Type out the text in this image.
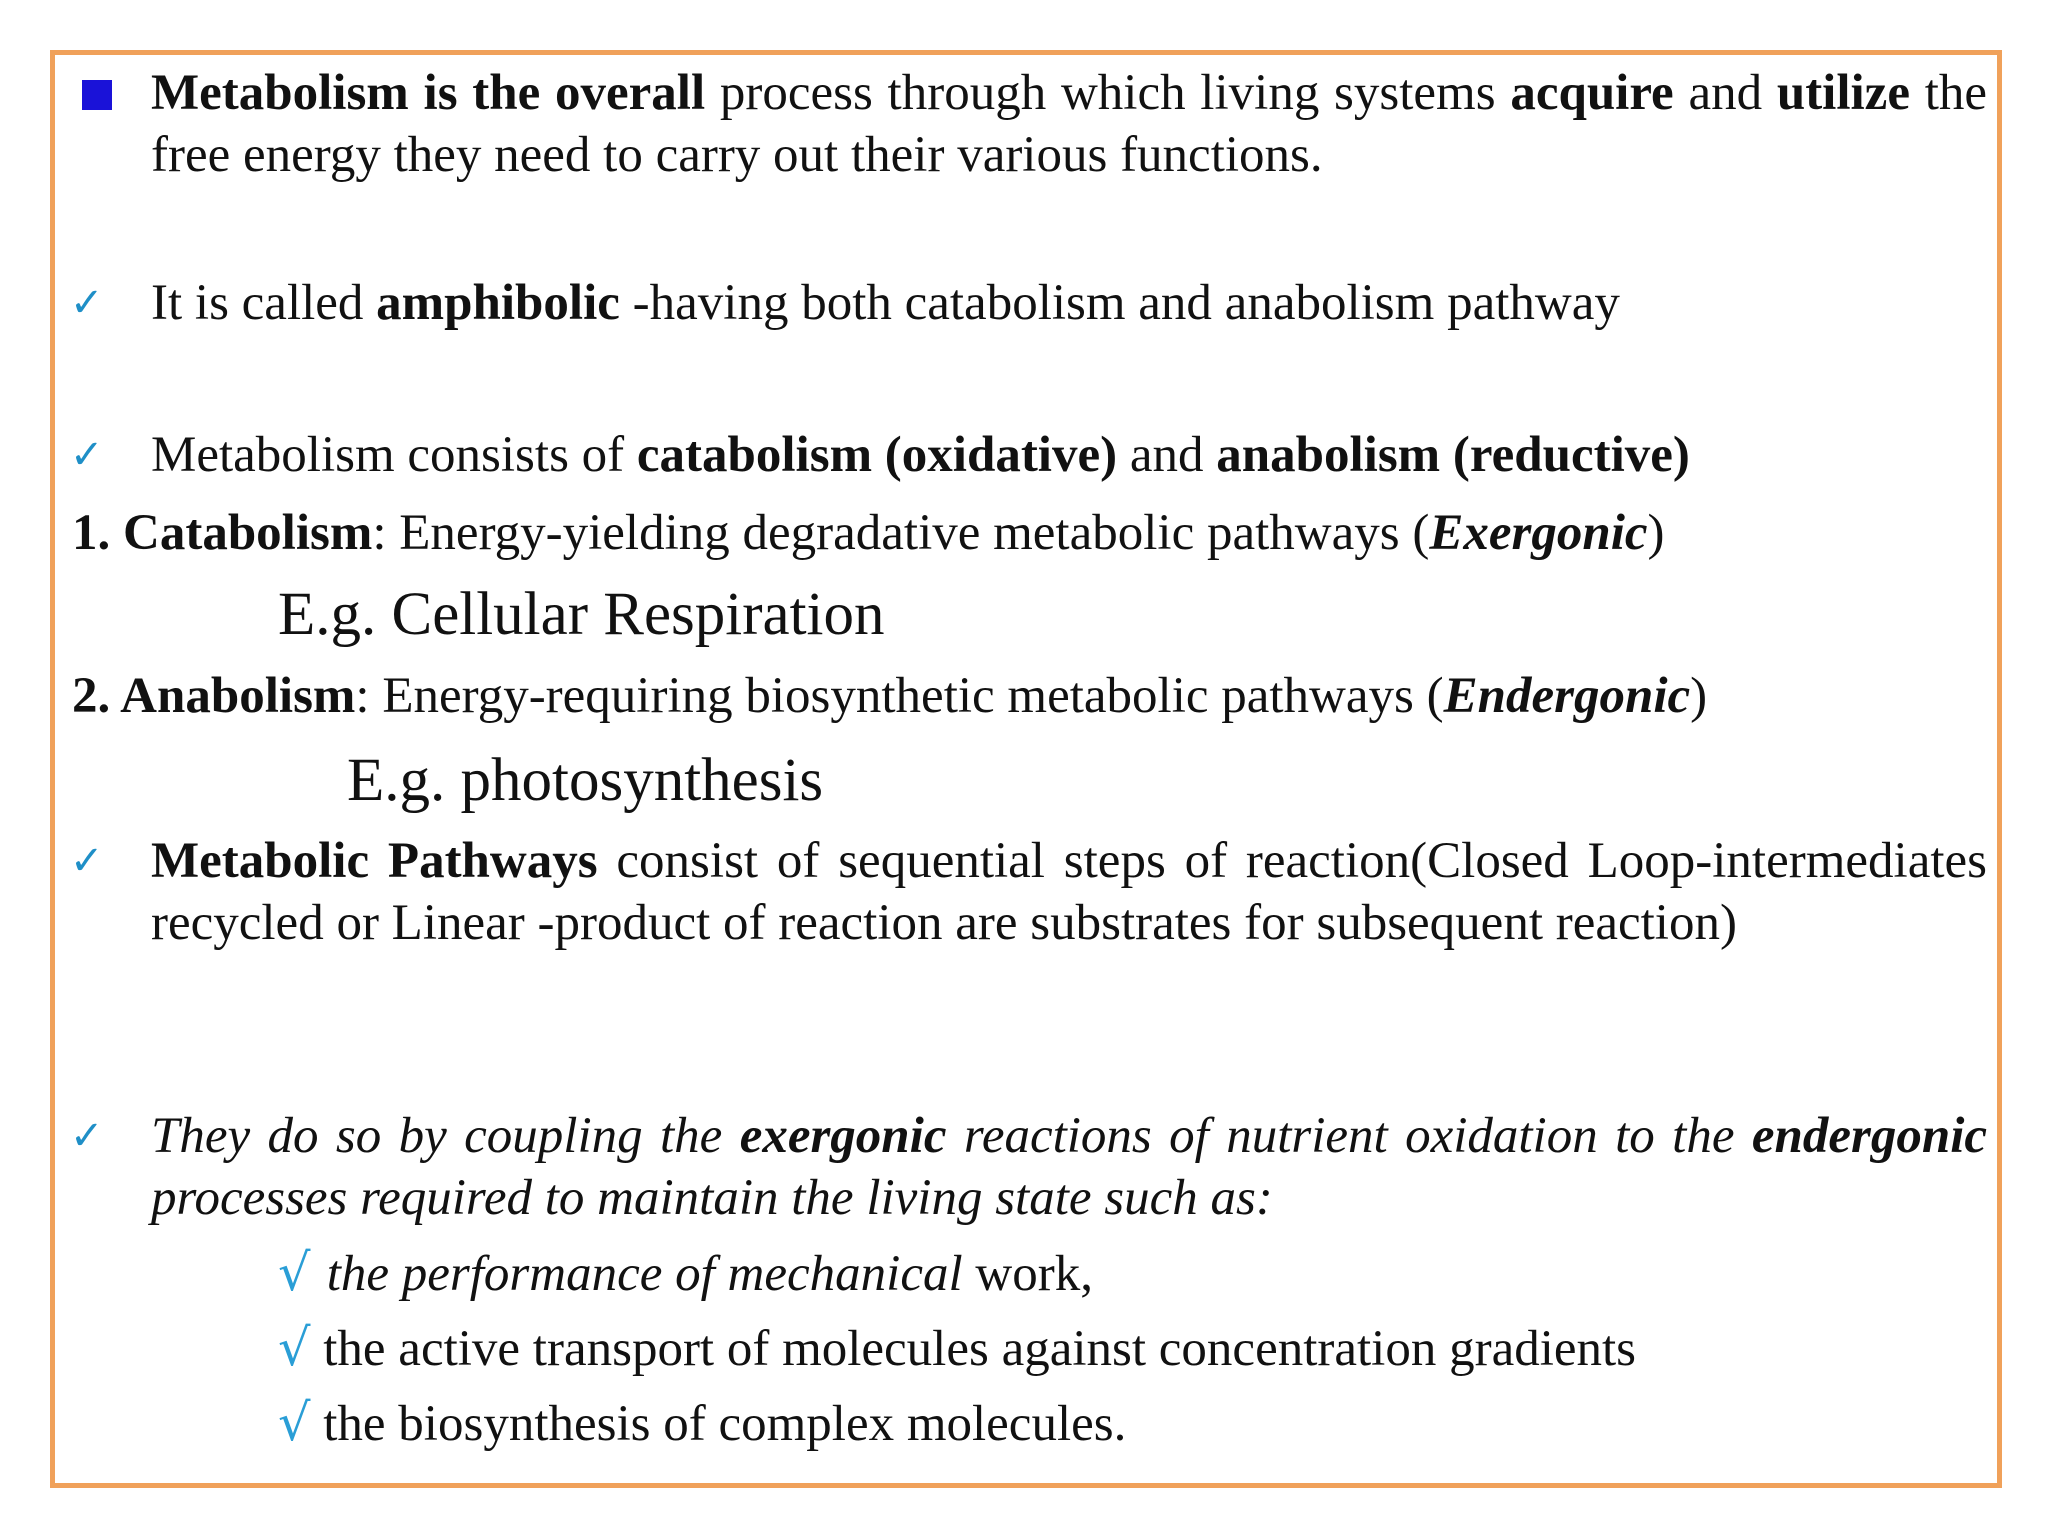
Metabolism is the overall process through which living systems acquire and utilize the free energy they need to carry out their various functions.
✓ It is called amphibolic -having both catabolism and anabolism pathway
✓ Metabolism consists of catabolism (oxidative) and anabolism (reductive)
1. Catabolism: Energy-yielding degradative metabolic pathways (Exergonic)
E.g. Cellular Respiration
2. Anabolism: Energy-requiring biosynthetic metabolic pathways (Endergonic)
E.g. photosynthesis
✓ Metabolic Pathways consist of sequential steps of reaction(Closed Loop-intermediates recycled or Linear -product of reaction are substrates for subsequent reaction)
✓ They do so by coupling the exergonic reactions of nutrient oxidation to the endergonic processes required to maintain the living state such as:
√ the performance of mechanical work,
√ the active transport of molecules against concentration gradients
√ the biosynthesis of complex molecules.
